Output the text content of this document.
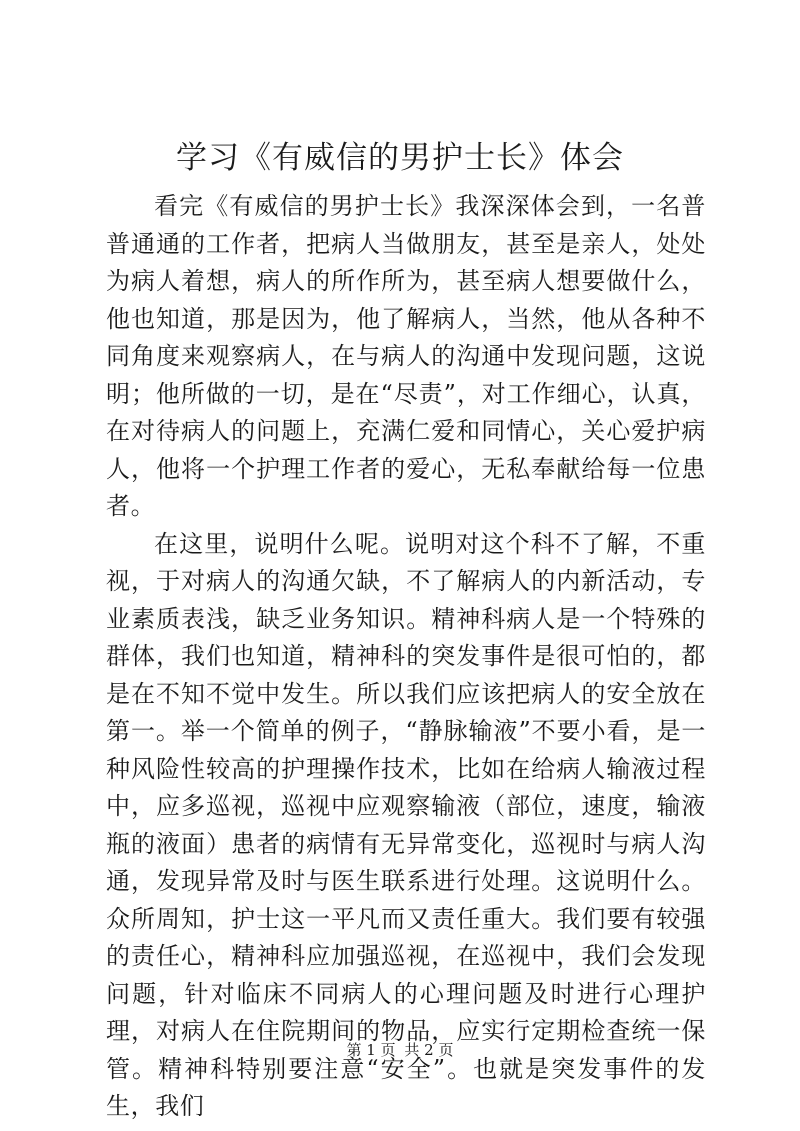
学习《有威信的男护士长》体会

看完《有威信的男护士长》我深深体会到，一名普普通通的工作者，把病人当做朋友，甚至是亲人，处处为病人着想，病人的所作所为，甚至病人想要做什么，他也知道，那是因为，他了解病人，当然，他从各种不同角度来观察病人，在与病人的沟通中发现问题，这说明；他所做的一切，是在“尽责”，对工作细心，认真，在对待病人的问题上，充满仁爱和同情心，关心爱护病人，他将一个护理工作者的爱心，无私奉献给每一位患者。

在这里，说明什么呢。说明对这个科不了解，不重视，于对病人的沟通欠缺，不了解病人的内新活动，专业素质表浅，缺乏业务知识。精神科病人是一个特殊的群体，我们也知道，精神科的突发事件是很可怕的，都是在不知不觉中发生。所以我们应该把病人的安全放在第一。举一个简单的例子，“静脉输液”不要小看，是一种风险性较高的护理操作技术，比如在给病人输液过程中，应多巡视，巡视中应观察输液（部位，速度，输液瓶的液面）患者的病情有无异常变化，巡视时与病人沟通，发现异常及时与医生联系进行处理。这说明什么。众所周知，护士这一平凡而又责任重大。我们要有较强的责任心，精神科应加强巡视，在巡视中，我们会发现问题，针对临床不同病人的心理问题及时进行心理护理，对病人在住院期间的物品，应实行定期检查统一保管。精神科特别要注意“安全”。也就是突发事件的发生，我们

第 1 页 共 2 页
